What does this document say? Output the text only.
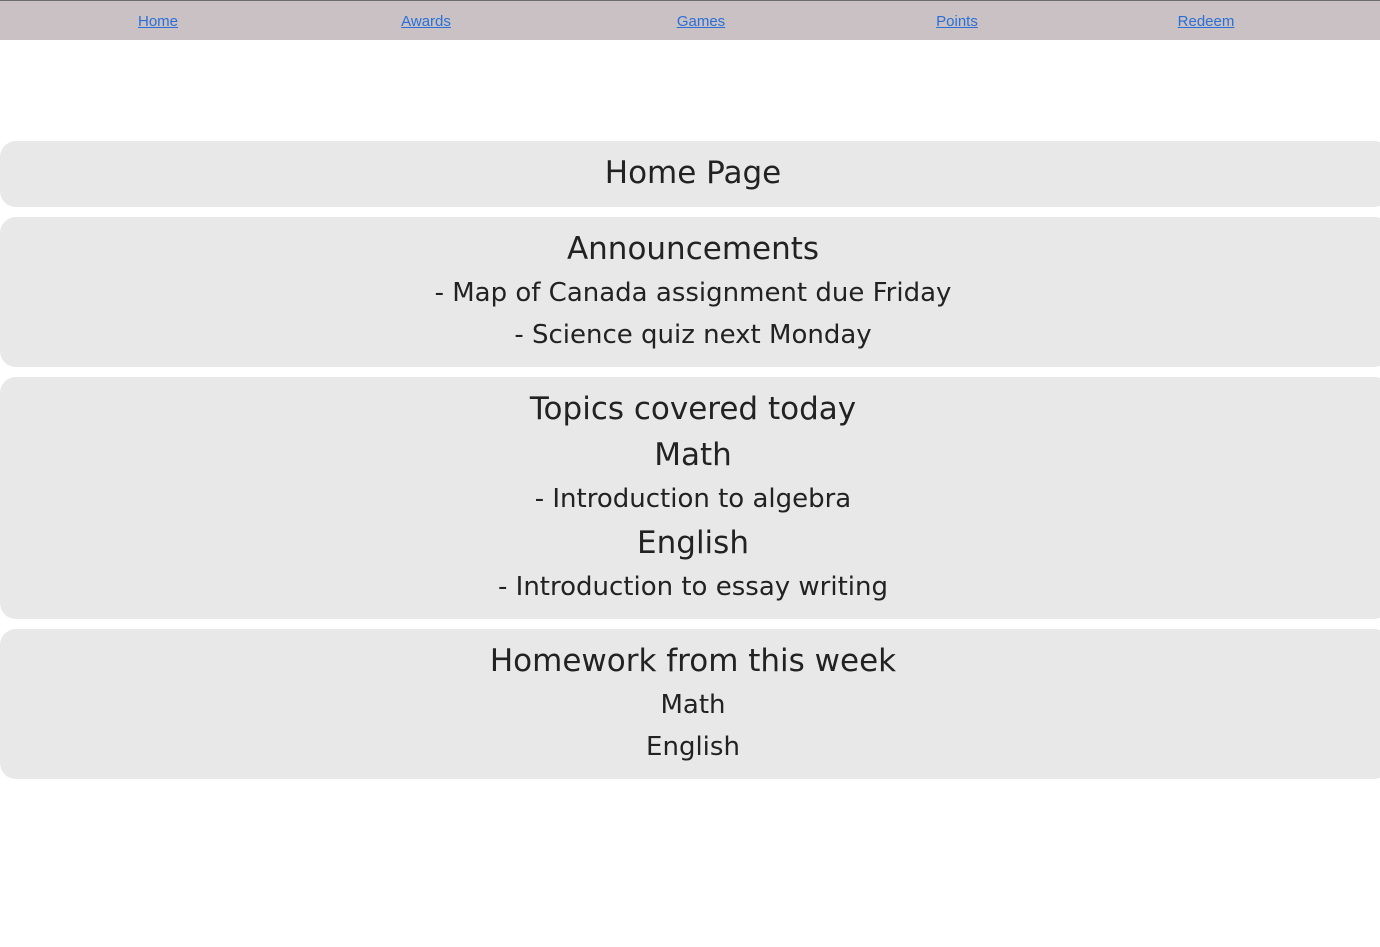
Home	Awards	Games	Points	Redeem
Home Page
Announcements

- Map of Canada assignment due Friday

- Science quiz next Monday

Topics covered today

Math

- Introduction to algebra

English

- Introduction to essay writing

Homework from this week

Math

English
